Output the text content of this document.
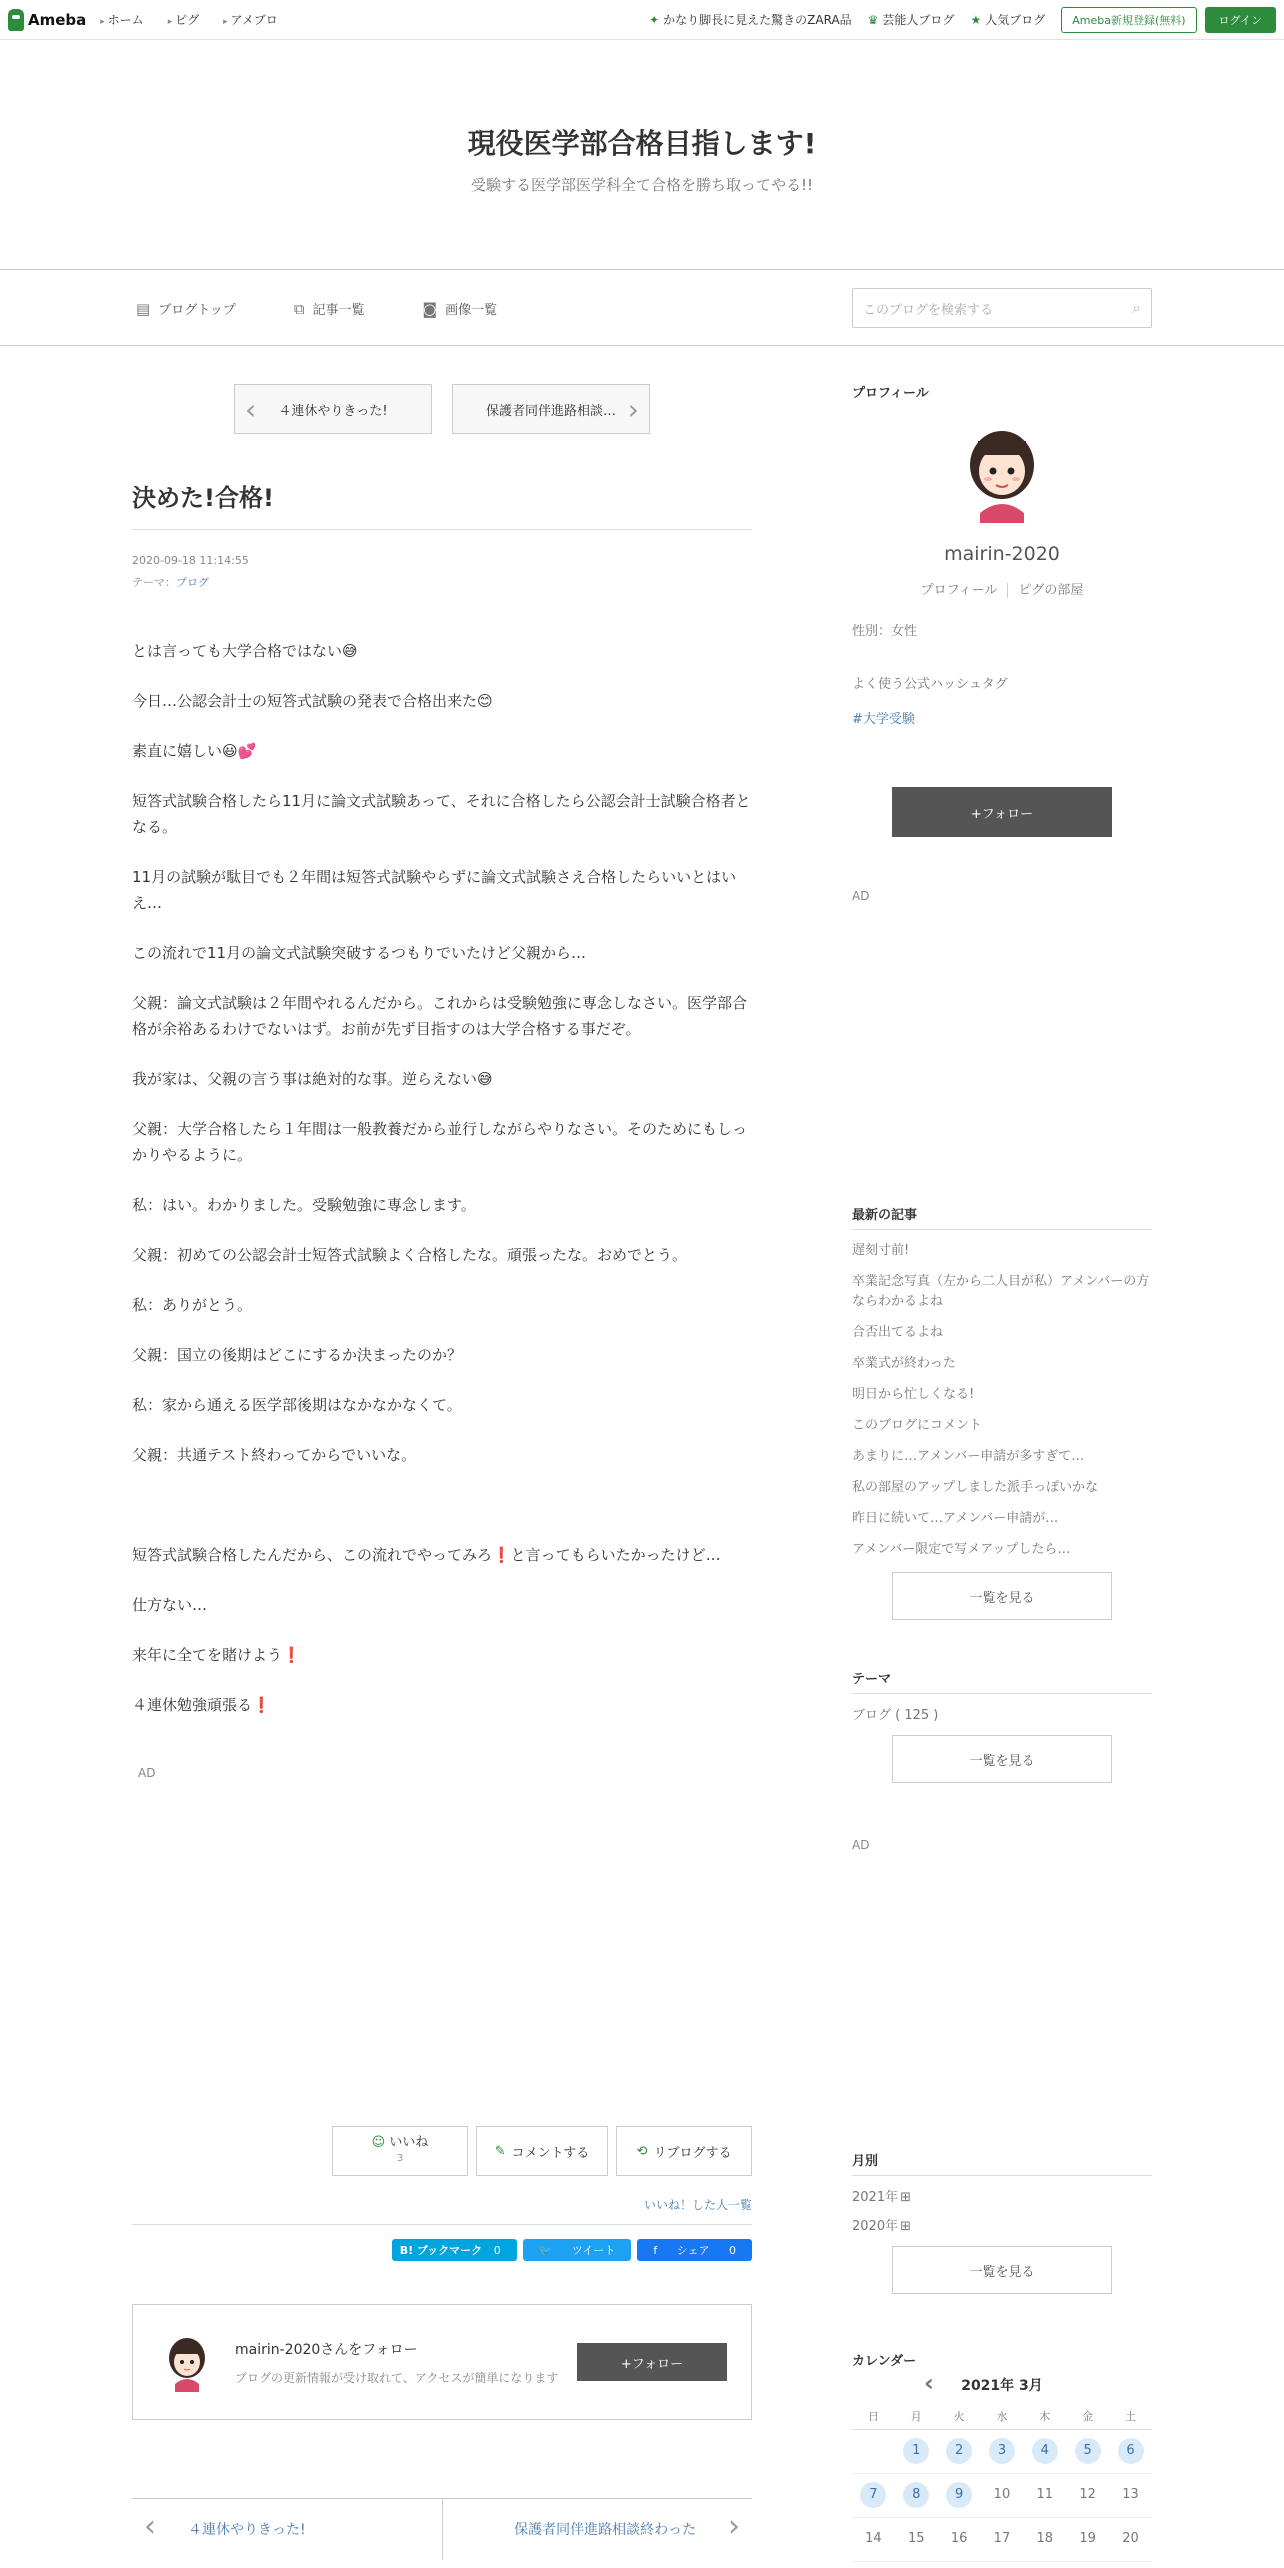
Ameba	▸ ホーム	▸ ピグ	▸ アメブロ	✦ かなり脚長に見えた驚きのZARA品 ♛ 芸能人ブログ ★ 人気ブログ	Ameba新規登録(無料)	ログイン
現役医学部合格目指します!

受験する医学部医学科全て合格を勝ち取ってやる!!

▤ ブログトップ	⧉ 記事一覧	◙ 画像一覧	このブログを検索する	⌕
‹ ４連休やりきった!	保護者同伴進路相談… ›
決めた!合格!
2020-09-18 11:14:55
テーマ：ブログ

とは言っても大学合格ではない😅

今日…公認会計士の短答式試験の発表で合格出来た😊

素直に嬉しい😃💕

短答式試験合格したら11月に論文式試験あって、それに合格したら公認会計士試験合格者となる。

11月の試験が駄目でも２年間は短答式試験やらずに論文式試験さえ合格したらいいとはいえ…

この流れで11月の論文式試験突破するつもりでいたけど父親から…

父親：論文式試験は２年間やれるんだから。これからは受験勉強に専念しなさい。医学部合格が余裕あるわけでないはず。お前が先ず目指すのは大学合格する事だぞ。

我が家は、父親の言う事は絶対的な事。逆らえない😅

父親：大学合格したら１年間は一般教養だから並行しながらやりなさい。そのためにもしっかりやるように。

私：はい。わかりました。受験勉強に専念します。

父親：初めての公認会計士短答式試験よく合格したな。頑張ったな。おめでとう。

私：ありがとう。

父親：国立の後期はどこにするか決まったのか？

私：家から通える医学部後期はなかなかなくて。

父親：共通テスト終わってからでいいな。

短答式試験合格したんだから、この流れでやってみろ❗と言ってもらいたかったけど…

仕方ない…

来年に全てを賭けよう❗

４連休勉強頑張る❗

AD
☺ いいね
3	✎ コメントする	⟲ リブログする
いいね！した人一覧
B! ブックマーク 0	🐦 ツイート	f シェア 0
mairin-2020さんをフォロー
ブログの更新情報が受け取れて、アクセスが簡単になります
+フォロー
‹ ４連休やりきった!	保護者同伴進路相談終わった ›
プロフィール
mairin-2020
プロフィール ピグの部屋
性別：女性
よく使う公式ハッシュタグ
#大学受験
+フォロー
AD
最新の記事
遅刻寸前!
卒業記念写真（左から二人目が私）アメンバーの方ならわかるよね
合否出てるよね
卒業式が終わった
明日から忙しくなる!
このブログにコメント
あまりに…アメンバー申請が多すぎて…
私の部屋のアップしました派手っぽいかな
昨日に続いて…アメンバー申請が…
アメンバー限定で写メアップしたら…
一覧を見る
テーマ
ブログ ( 125 )
一覧を見る
AD
月別
2021年 ⊞
2020年 ⊞
一覧を見る
カレンダー
‹ 2021年 3月
日	月	火	水	木	金	土
	1	2	3	4	5	6
7	8	9	10	11	12	13
14	15	16	17	18	19	20
